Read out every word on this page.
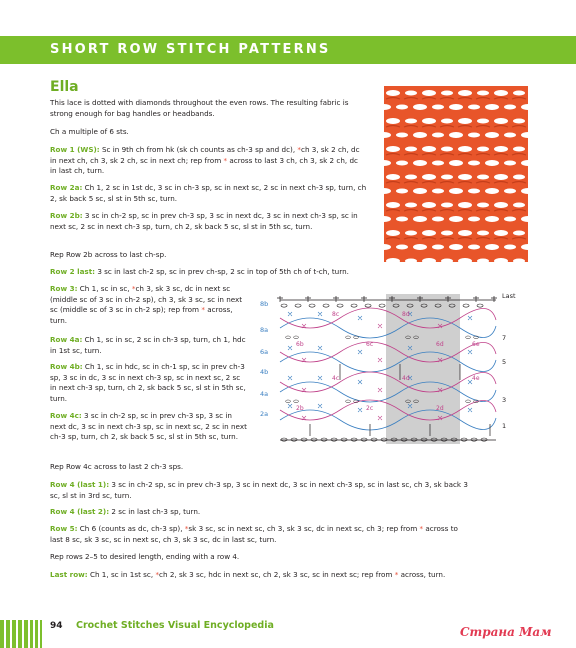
SHORT ROW STITCH PATTERNS
Ella
This lace is dotted with diamonds throughout the even rows. The resulting fabric is strong enough for bag handles or headbands.
Ch a multiple of 6 sts.
Row 1 (WS): Sc in 9th ch from hk (sk ch counts as ch-3 sp and dc), *ch 3, sk 2 ch, dc in next ch, ch 3, sk 2 ch, sc in next ch; rep from * across to last 3 ch, ch 3, sk 2 ch, dc in last ch, turn.
Row 2a: Ch 1, 2 sc in 1st dc, 3 sc in ch-3 sp, sc in next sc, 2 sc in next ch-3 sp, turn, ch 2, sk back 5 sc, sl st in 5th sc, turn.
Row 2b: 3 sc in ch-2 sp, sc in prev ch-3 sp, 3 sc in next dc, 3 sc in next ch-3 sp, sc in next sc, 2 sc in next ch-3 sp, turn, ch 2, sk back 5 sc, sl st in 5th sc, turn.
Rep Row 2b across to last ch-sp.
Row 2 last: 3 sc in last ch-2 sp, sc in prev ch-sp, 2 sc in top of 5th ch of t-ch, turn.
Row 3: Ch 1, sc in sc, *ch 3, sk 3 sc, dc in next sc (middle sc of 3 sc in ch-2 sp), ch 3, sk 3 sc, sc in next sc (middle sc of 3 sc in ch-2 sp); rep from * across, turn.
Row 4a: Ch 1, sc in sc, 2 sc in ch-3 sp, turn, ch 1, hdc in 1st sc, turn.
Row 4b: Ch 1, sc in hdc, sc in ch-1 sp, sc in prev ch-3 sp, 3 sc in dc, 3 sc in next ch-3 sp, sc in next sc, 2 sc in next ch-3 sp, turn, ch 2, sk back 5 sc, sl st in 5th sc, turn.
Row 4c: 3 sc in ch-2 sp, sc in prev ch-3 sp, 3 sc in next dc, 3 sc in next ch-3 sp, sc in next sc, 2 sc in next ch-3 sp, turn, ch 2, sk back 5 sc, sl st in 5th sc, turn.
Rep Row 4c across to last 2 ch-3 sps.
Row 4 (last 1): 3 sc in ch-2 sp, sc in prev ch-3 sp, 3 sc in next dc, 3 sc in next ch-3 sp, sc in last sc, ch 3, sk back 3 sc, sl st in 3rd sc, turn.
Row 4 (last 2): 2 sc in last ch-3 sp, turn.
Row 5: Ch 6 (counts as dc, ch-3 sp), *sk 3 sc, sc in next sc, ch 3, sk 3 sc, dc in next sc, ch 3; rep from * across to last 8 sc, sk 3 sc, sc in next sc, ch 3, sk 3 sc, dc in last sc, turn.
Rep rows 2–5 to desired length, ending with a row 4.
Last row: Ch 1, sc in 1st sc, *ch 2, sk 3 sc, hdc in next sc, ch 2, sk 3 sc, sc in next sc; rep from * across, turn.
8b
8a
6a
4b
4a
2a
Last
7
5
3
1
8c	8d
6b	6c	6d
4c	4d	4e
2b	2c	2d
6e
94 Crochet Stitches Visual Encyclopedia	Страна Мам
